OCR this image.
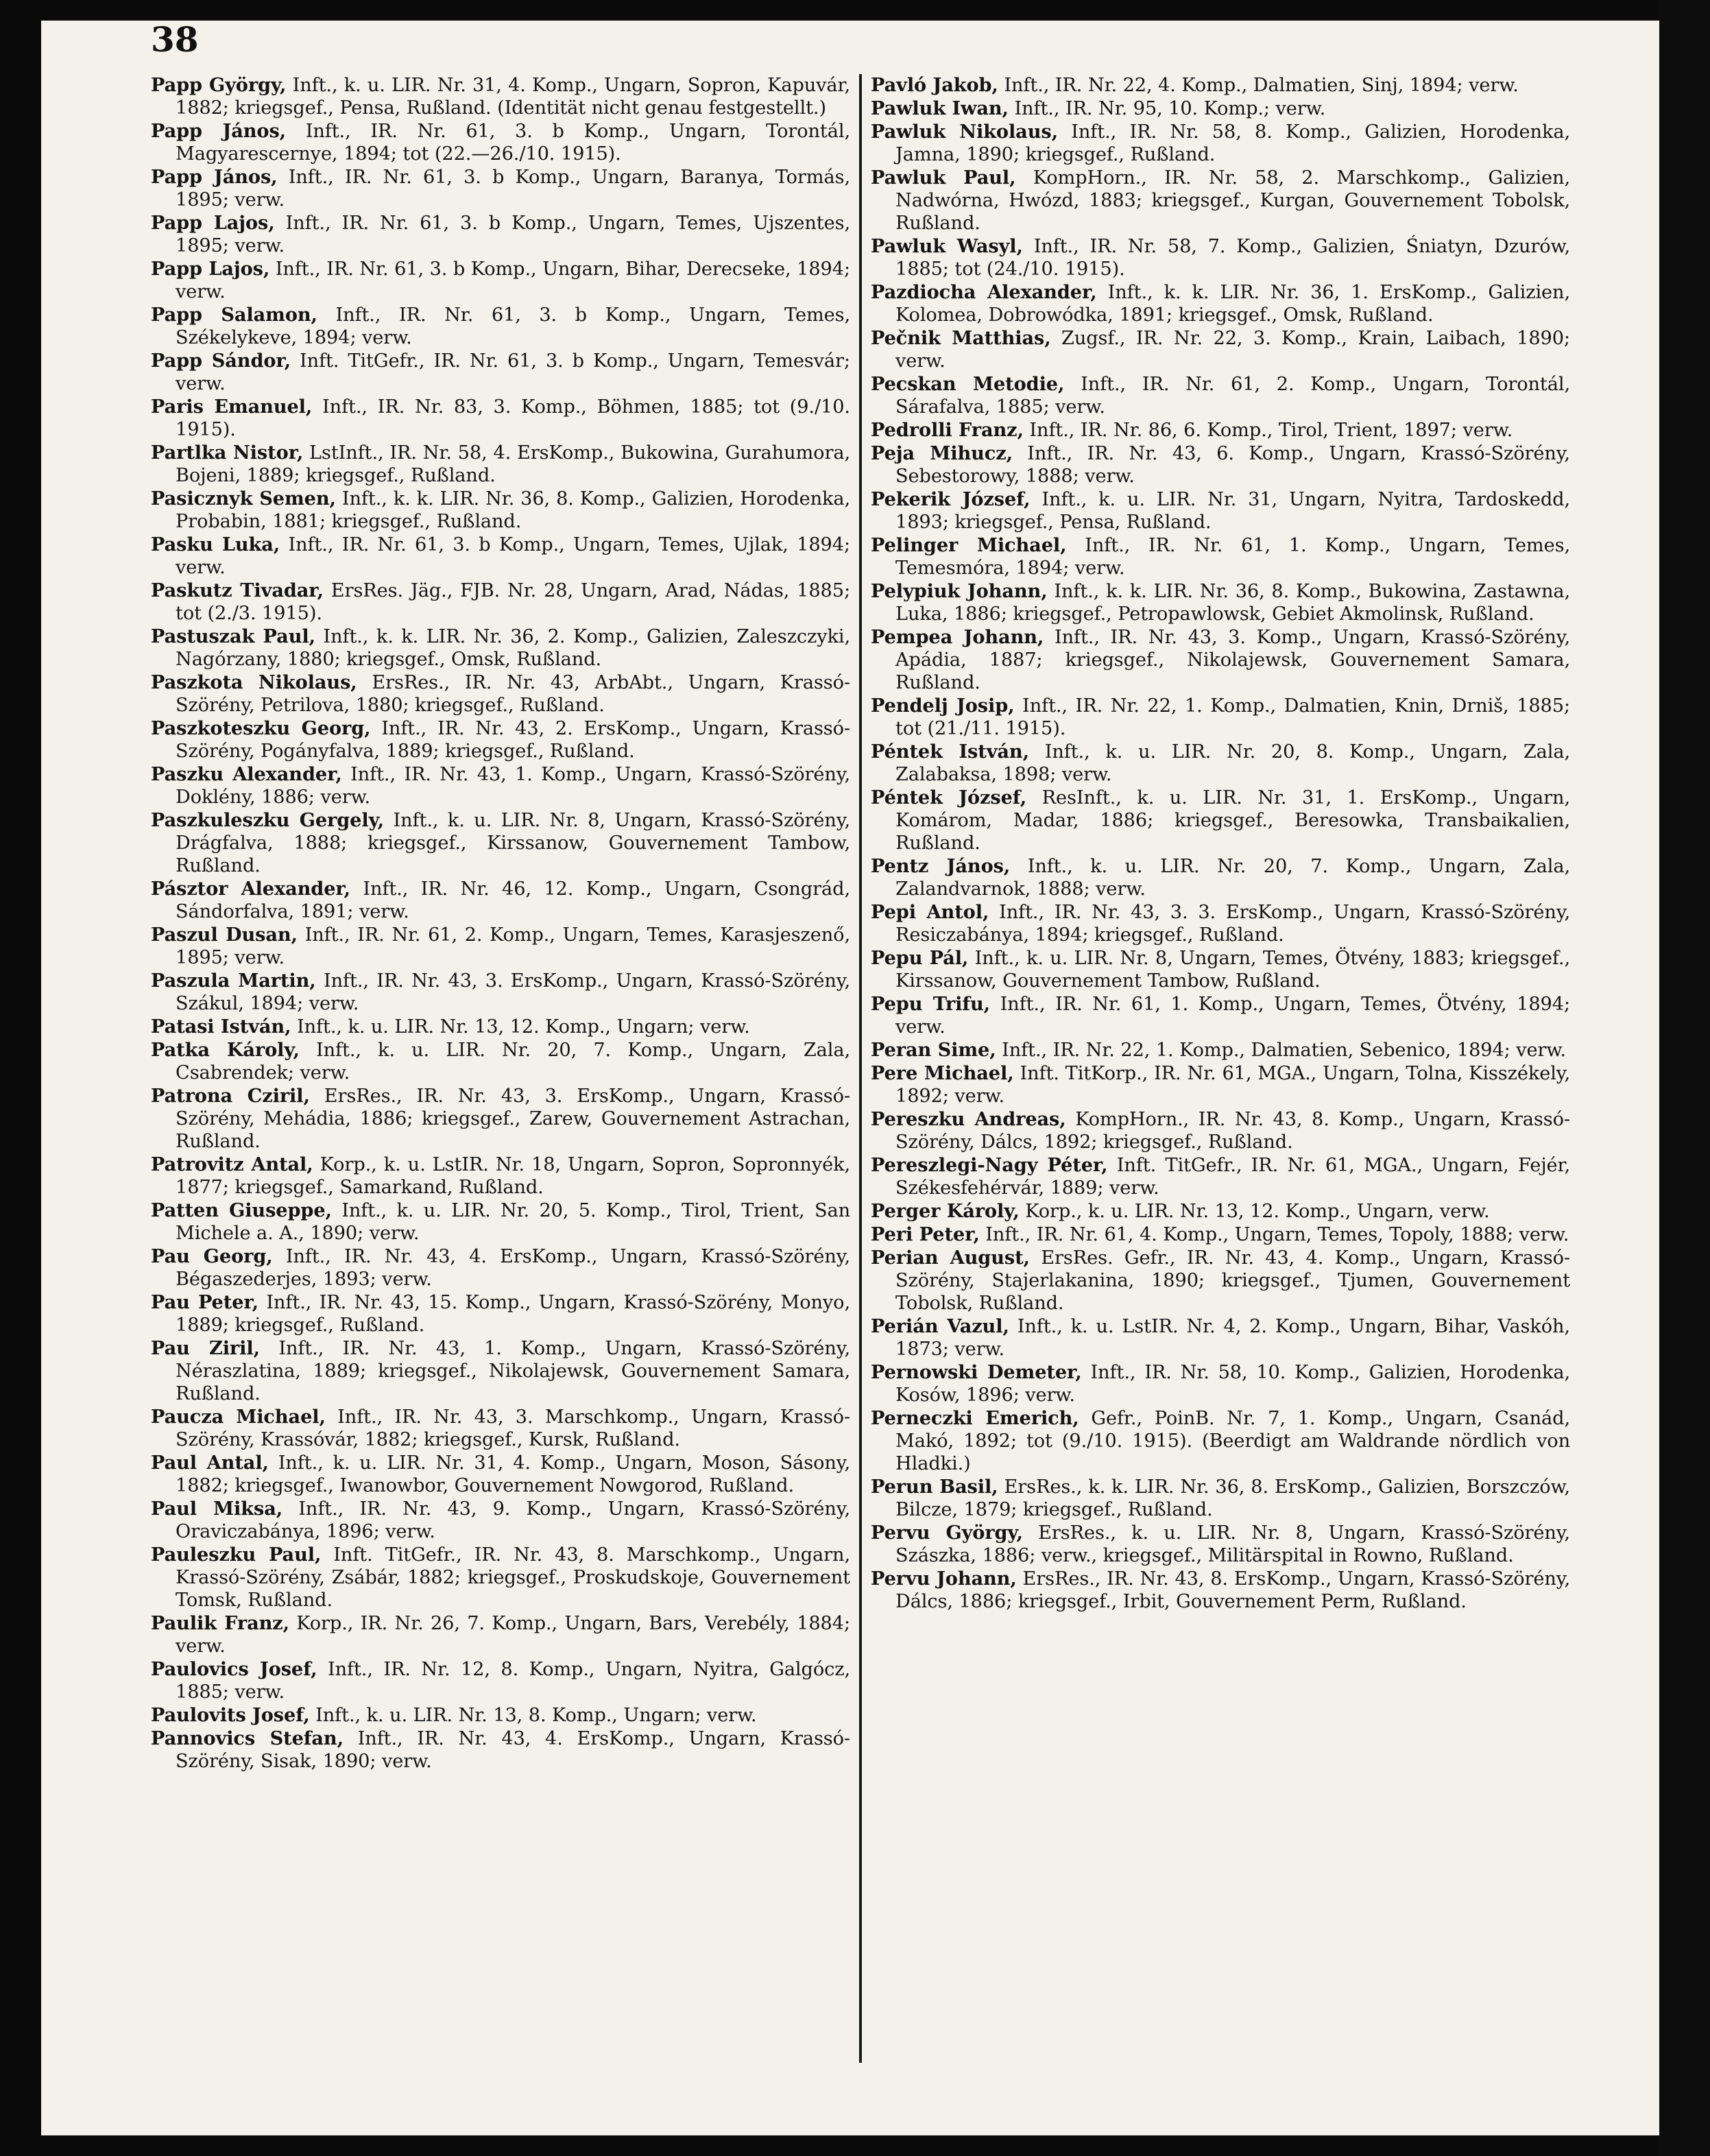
38

Papp György, Inft., k. u. LIR. Nr. 31, 4. Komp., Ungarn, Sopron, Kapuvár, 1882; kriegsgef., Pensa, Rußland. (Identität nicht genau festgestellt.)

Papp János, Inft., IR. Nr. 61, 3. b Komp., Ungarn, Torontál, Magyarescernye, 1894; tot (22.—26./10. 1915).

Papp János, Inft., IR. Nr. 61, 3. b Komp., Ungarn, Baranya, Tormás, 1895; verw.

Papp Lajos, Inft., IR. Nr. 61, 3. b Komp., Ungarn, Temes, Ujszentes, 1895; verw.

Papp Lajos, Inft., IR. Nr. 61, 3. b Komp., Ungarn, Bihar, Derecseke, 1894; verw.

Papp Salamon, Inft., IR. Nr. 61, 3. b Komp., Ungarn, Temes, Székelykeve, 1894; verw.

Papp Sándor, Inft. TitGefr., IR. Nr. 61, 3. b Komp., Ungarn, Temesvár; verw.

Paris Emanuel, Inft., IR. Nr. 83, 3. Komp., Böhmen, 1885; tot (9./10. 1915).

Partlka Nistor, LstInft., IR. Nr. 58, 4. ErsKomp., Bukowina, Gurahumora, Bojeni, 1889; kriegsgef., Rußland.

Pasicznyk Semen, Inft., k. k. LIR. Nr. 36, 8. Komp., Galizien, Horodenka, Probabin, 1881; kriegsgef., Rußland.

Pasku Luka, Inft., IR. Nr. 61, 3. b Komp., Ungarn, Temes, Ujlak, 1894; verw.

Paskutz Tivadar, ErsRes. Jäg., FJB. Nr. 28, Ungarn, Arad, Nádas, 1885; tot (2./3. 1915).

Pastuszak Paul, Inft., k. k. LIR. Nr. 36, 2. Komp., Galizien, Zaleszczyki, Nagórzany, 1880; kriegsgef., Omsk, Rußland.

Paszkota Nikolaus, ErsRes., IR. Nr. 43, ArbAbt., Ungarn, Krassó-Szörény, Petrilova, 1880; kriegsgef., Rußland.

Paszkoteszku Georg, Inft., IR. Nr. 43, 2. ErsKomp., Ungarn, Krassó-Szörény, Pogányfalva, 1889; kriegsgef., Rußland.

Paszku Alexander, Inft., IR. Nr. 43, 1. Komp., Ungarn, Krassó-Szörény, Doklény, 1886; verw.

Paszkuleszku Gergely, Inft., k. u. LIR. Nr. 8, Ungarn, Krassó-Szörény, Drágfalva, 1888; kriegsgef., Kirssanow, Gouvernement Tambow, Rußland.

Pásztor Alexander, Inft., IR. Nr. 46, 12. Komp., Ungarn, Csongrád, Sándorfalva, 1891; verw.

Paszul Dusan, Inft., IR. Nr. 61, 2. Komp., Ungarn, Temes, Karasjeszenő, 1895; verw.

Paszula Martin, Inft., IR. Nr. 43, 3. ErsKomp., Ungarn, Krassó-Szörény, Szákul, 1894; verw.

Patasi István, Inft., k. u. LIR. Nr. 13, 12. Komp., Ungarn; verw.

Patka Károly, Inft., k. u. LIR. Nr. 20, 7. Komp., Ungarn, Zala, Csabrendek; verw.

Patrona Cziril, ErsRes., IR. Nr. 43, 3. ErsKomp., Ungarn, Krassó-Szörény, Mehádia, 1886; kriegsgef., Zarew, Gouvernement Astrachan, Rußland.

Patrovitz Antal, Korp., k. u. LstIR. Nr. 18, Ungarn, Sopron, Sopronnyék, 1877; kriegsgef., Samarkand, Rußland.

Patten Giuseppe, Inft., k. u. LIR. Nr. 20, 5. Komp., Tirol, Trient, San Michele a. A., 1890; verw.

Pau Georg, Inft., IR. Nr. 43, 4. ErsKomp., Ungarn, Krassó-Szörény, Bégaszederjes, 1893; verw.

Pau Peter, Inft., IR. Nr. 43, 15. Komp., Ungarn, Krassó-Szörény, Monyo, 1889; kriegsgef., Rußland.

Pau Ziril, Inft., IR. Nr. 43, 1. Komp., Ungarn, Krassó-Szörény, Néraszlatina, 1889; kriegsgef., Nikolajewsk, Gouvernement Samara, Rußland.

Paucza Michael, Inft., IR. Nr. 43, 3. Marschkomp., Ungarn, Krassó-Szörény, Krassóvár, 1882; kriegsgef., Kursk, Rußland.

Paul Antal, Inft., k. u. LIR. Nr. 31, 4. Komp., Ungarn, Moson, Sásony, 1882; kriegsgef., Iwanowbor, Gouvernement Nowgorod, Rußland.

Paul Miksa, Inft., IR. Nr. 43, 9. Komp., Ungarn, Krassó-Szörény, Oraviczabánya, 1896; verw.

Pauleszku Paul, Inft. TitGefr., IR. Nr. 43, 8. Marschkomp., Ungarn, Krassó-Szörény, Zsábár, 1882; kriegsgef., Proskudskoje, Gouvernement Tomsk, Rußland.

Paulik Franz, Korp., IR. Nr. 26, 7. Komp., Ungarn, Bars, Verebély, 1884; verw.

Paulovics Josef, Inft., IR. Nr. 12, 8. Komp., Ungarn, Nyitra, Galgócz, 1885; verw.

Paulovits Josef, Inft., k. u. LIR. Nr. 13, 8. Komp., Ungarn; verw.

Pannovics Stefan, Inft., IR. Nr. 43, 4. ErsKomp., Ungarn, Krassó-Szörény, Sisak, 1890; verw.

Pavló Jakob, Inft., IR. Nr. 22, 4. Komp., Dalmatien, Sinj, 1894; verw.

Pawluk Iwan, Inft., IR. Nr. 95, 10. Komp.; verw.

Pawluk Nikolaus, Inft., IR. Nr. 58, 8. Komp., Galizien, Horodenka, Jamna, 1890; kriegsgef., Rußland.

Pawluk Paul, KompHorn., IR. Nr. 58, 2. Marschkomp., Galizien, Nadwórna, Hwózd, 1883; kriegsgef., Kurgan, Gouvernement Tobolsk, Rußland.

Pawluk Wasyl, Inft., IR. Nr. 58, 7. Komp., Galizien, Śniatyn, Dzurów, 1885; tot (24./10. 1915).

Pazdiocha Alexander, Inft., k. k. LIR. Nr. 36, 1. ErsKomp., Galizien, Kolomea, Dobrowódka, 1891; kriegsgef., Omsk, Rußland.

Pečnik Matthias, Zugsf., IR. Nr. 22, 3. Komp., Krain, Laibach, 1890; verw.

Pecskan Metodie, Inft., IR. Nr. 61, 2. Komp., Ungarn, Torontál, Sárafalva, 1885; verw.

Pedrolli Franz, Inft., IR. Nr. 86, 6. Komp., Tirol, Trient, 1897; verw.

Peja Mihucz, Inft., IR. Nr. 43, 6. Komp., Ungarn, Krassó-Szörény, Sebestorowy, 1888; verw.

Pekerik József, Inft., k. u. LIR. Nr. 31, Ungarn, Nyitra, Tardoskedd, 1893; kriegsgef., Pensa, Rußland.

Pelinger Michael, Inft., IR. Nr. 61, 1. Komp., Ungarn, Temes, Temesmóra, 1894; verw.

Pelypiuk Johann, Inft., k. k. LIR. Nr. 36, 8. Komp., Bukowina, Zastawna, Luka, 1886; kriegsgef., Petropawlowsk, Gebiet Akmolinsk, Rußland.

Pempea Johann, Inft., IR. Nr. 43, 3. Komp., Ungarn, Krassó-Szörény, Apádia, 1887; kriegsgef., Nikolajewsk, Gouvernement Samara, Rußland.

Pendelj Josip, Inft., IR. Nr. 22, 1. Komp., Dalmatien, Knin, Drniš, 1885; tot (21./11. 1915).

Péntek István, Inft., k. u. LIR. Nr. 20, 8. Komp., Ungarn, Zala, Zalabaksa, 1898; verw.

Péntek József, ResInft., k. u. LIR. Nr. 31, 1. ErsKomp., Ungarn, Komárom, Madar, 1886; kriegsgef., Beresowka, Transbaikalien, Rußland.

Pentz János, Inft., k. u. LIR. Nr. 20, 7. Komp., Ungarn, Zala, Zalandvarnok, 1888; verw.

Pepi Antol, Inft., IR. Nr. 43, 3. 3. ErsKomp., Ungarn, Krassó-Szörény, Resiczabánya, 1894; kriegsgef., Rußland.

Pepu Pál, Inft., k. u. LIR. Nr. 8, Ungarn, Temes, Ötvény, 1883; kriegsgef., Kirssanow, Gouvernement Tambow, Rußland.

Pepu Trifu, Inft., IR. Nr. 61, 1. Komp., Ungarn, Temes, Ötvény, 1894; verw.

Peran Sime, Inft., IR. Nr. 22, 1. Komp., Dalmatien, Sebenico, 1894; verw.

Pere Michael, Inft. TitKorp., IR. Nr. 61, MGA., Ungarn, Tolna, Kisszékely, 1892; verw.

Pereszku Andreas, KompHorn., IR. Nr. 43, 8. Komp., Ungarn, Krassó-Szörény, Dálcs, 1892; kriegsgef., Rußland.

Pereszlegi-Nagy Péter, Inft. TitGefr., IR. Nr. 61, MGA., Ungarn, Fejér, Székesfehérvár, 1889; verw.

Perger Károly, Korp., k. u. LIR. Nr. 13, 12. Komp., Ungarn, verw.

Peri Peter, Inft., IR. Nr. 61, 4. Komp., Ungarn, Temes, Topoly, 1888; verw.

Perian August, ErsRes. Gefr., IR. Nr. 43, 4. Komp., Ungarn, Krassó-Szörény, Stajerlakanina, 1890; kriegsgef., Tjumen, Gouvernement Tobolsk, Rußland.

Perián Vazul, Inft., k. u. LstIR. Nr. 4, 2. Komp., Ungarn, Bihar, Vaskóh, 1873; verw.

Pernowski Demeter, Inft., IR. Nr. 58, 10. Komp., Galizien, Horodenka, Kosów, 1896; verw.

Perneczki Emerich, Gefr., PoinB. Nr. 7, 1. Komp., Ungarn, Csanád, Makó, 1892; tot (9./10. 1915). (Beerdigt am Waldrande nördlich von Hladki.)

Perun Basil, ErsRes., k. k. LIR. Nr. 36, 8. ErsKomp., Galizien, Borszczów, Bilcze, 1879; kriegsgef., Rußland.

Pervu György, ErsRes., k. u. LIR. Nr. 8, Ungarn, Krassó-Szörény, Szászka, 1886; verw., kriegsgef., Militärspital in Rowno, Rußland.

Pervu Johann, ErsRes., IR. Nr. 43, 8. ErsKomp., Ungarn, Krassó-Szörény, Dálcs, 1886; kriegsgef., Irbit, Gouvernement Perm, Rußland.
